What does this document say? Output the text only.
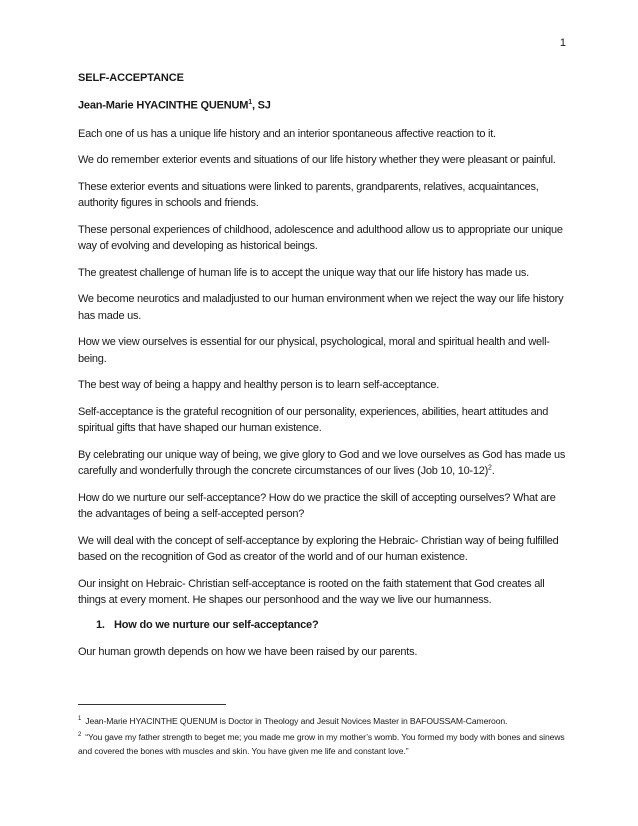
1
SELF-ACCEPTANCE
Jean-Marie HYACINTHE QUENUM$^1$, SJ

Each one of us has a unique life history and an interior spontaneous affective reaction to it.

We do remember exterior events and situations of our life history whether they were pleasant or painful.

These exterior events and situations were linked to parents, grandparents, relatives, acquaintances, authority figures in schools and friends.

These personal experiences of childhood, adolescence and adulthood allow us to appropriate our unique way of evolving and developing as historical beings.

The greatest challenge of human life is to accept the unique way that our life history has made us.

We become neurotics and maladjusted to our human environment when we reject the way our life history has made us.

How we view ourselves is essential for our physical, psychological, moral and spiritual health and well-being.

The best way of being a happy and healthy person is to learn self-acceptance.

Self-acceptance is the grateful recognition of our personality, experiences, abilities, heart attitudes and spiritual gifts that have shaped our human existence.

By celebrating our unique way of being, we give glory to God and we love ourselves as God has made us carefully and wonderfully through the concrete circumstances of our lives (Job 10, 10-12)$^2$.

How do we nurture our self-acceptance? How do we practice the skill of accepting ourselves? What are the advantages of being a self-accepted person?

We will deal with the concept of self-acceptance by exploring the Hebraic- Christian way of being fulfilled based on the recognition of God as creator of the world and of our human existence.

Our insight on Hebraic- Christian self-acceptance is rooted on the faith statement that God creates all things at every moment. He shapes our personhood and the way we live our humanness.

1. How do we nurture our self-acceptance?

Our human growth depends on how we have been raised by our parents.

$^1$ Jean-Marie HYACINTHE QUENUM is Doctor in Theology and Jesuit Novices Master in BAFOUSSAM-Cameroon.

$^2$ “You gave my father strength to beget me; you made me grow in my mother’s womb. You formed my body with bones and sinews and covered the bones with muscles and skin. You have given me life and constant love.”
